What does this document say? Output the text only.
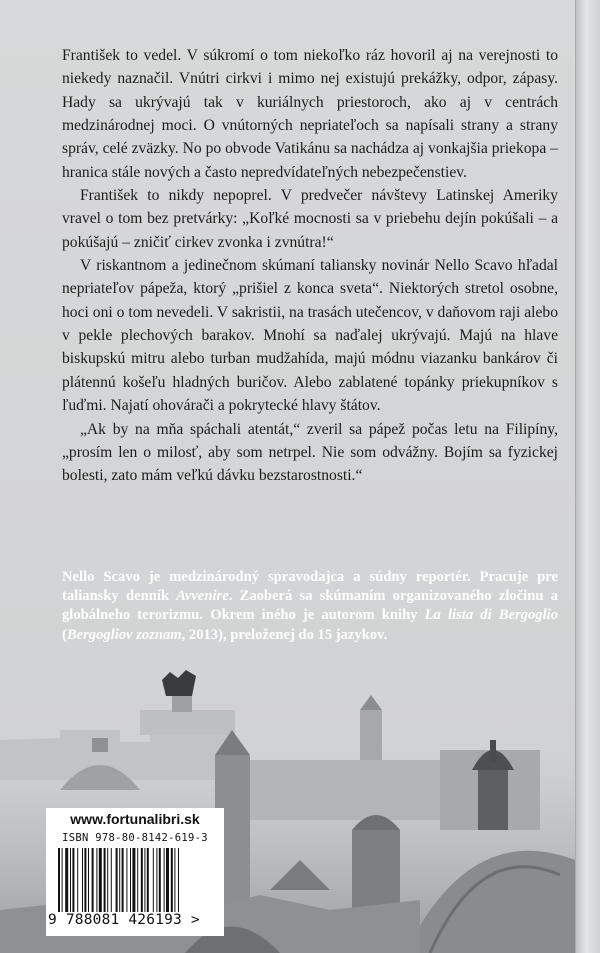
František to vedel. V súkromí o tom niekoľko ráz hovoril aj na verejnosti to niekedy naznačil. Vnútri cirkvi i mimo nej existujú prekážky, odpor, zápasy. Hady sa ukrývajú tak v kuriálnych priestoroch, ako aj v centrách medzinárodnej moci. O vnútorných nepriateľoch sa napísali strany a strany správ, celé zväzky. No po obvode Vatikánu sa nachádza aj vonkajšia priekopa – hranica stále nových a často nepredvídateľných nebezpečenstiev.

František to nikdy nepoprel. V predvečer návštevy Latinskej Ameriky vravel o tom bez pretvárky: „Koľké mocnosti sa v priebehu dejín pokúšali – a pokúšajú – zničiť cirkev zvonka i zvnútra!“

V riskantnom a jedinečnom skúmaní taliansky novinár Nello Scavo hľadal nepriateľov pápeža, ktorý „prišiel z konca sveta“. Niektorých stretol osobne, hoci oni o tom nevedeli. V sakristii, na trasách utečencov, v daňovom raji alebo v pekle plechových barakov. Mnohí sa naďalej ukrývajú. Majú na hlave biskupskú mitru alebo turban mudžahída, majú módnu viazanku bankárov či plátennú košeľu hladných buričov. Alebo zablatené topánky priekupníkov s ľuďmi. Najatí ohovárači a pokrytecké hlavy štátov.

„Ak by na mňa spáchali atentát,“ zveril sa pápež počas letu na Filipíny, „prosím len o milosť, aby som netrpel. Nie som odvážny. Bojím sa fyzickej bolesti, zato mám veľkú dávku bezstarostnosti.“

Nello Scavo je medzinárodný spravodajca a súdny reportér. Pracuje pre taliansky denník Avvenire. Zaoberá sa skúmaním organizovaného zločinu a globálneho terorizmu. Okrem iného je autorom knihy La lista di Bergoglio (Bergogliov zoznam, 2013), preloženej do 15 jazykov.
www.fortunalibri.sk
ISBN 978-80-8142-619-3
9 788081 426193 >
